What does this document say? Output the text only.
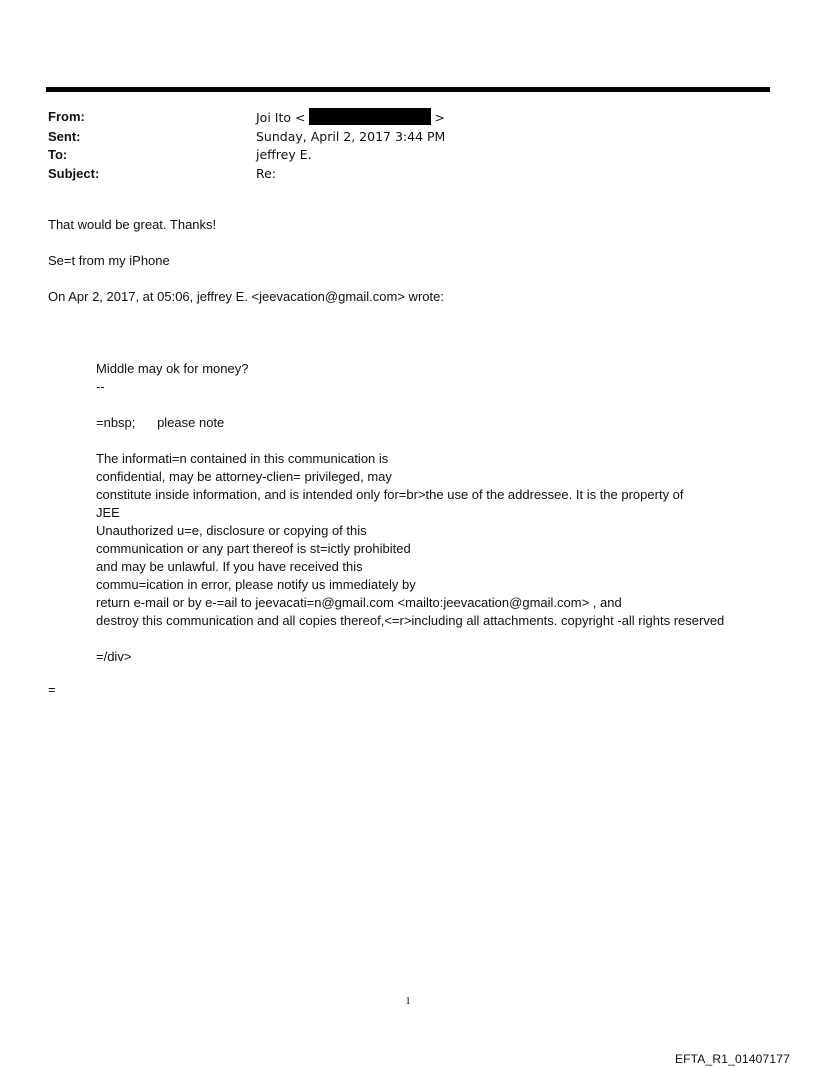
From:	Joi Ito <	>
Sent:	Sunday, April 2, 2017 3:44 PM
To:	jeffrey E.
Subject:	Re:

That would be great. Thanks!

Se=t from my iPhone

On Apr 2, 2017, at 05:06, jeffrey E. <jeevacation@gmail.com> wrote:

Middle may ok for money?

--

=nbsp;      please note

The informati=n contained in this communication is

confidential, may be attorney-clien= privileged, may

constitute inside information, and is intended only for=br>the use of the addressee. It is the property of

JEE

Unauthorized u=e, disclosure or copying of this

communication or any part thereof is st=ictly prohibited

and may be unlawful. If you have received this

commu=ication in error, please notify us immediately by

return e-mail or by e-=ail to jeevacati=n@gmail.com <mailto:jeevacation@gmail.com> , and

destroy this communication and all copies thereof,<=r>including all attachments. copyright -all rights reserved

=/div>

=
1
EFTA_R1_01407177
